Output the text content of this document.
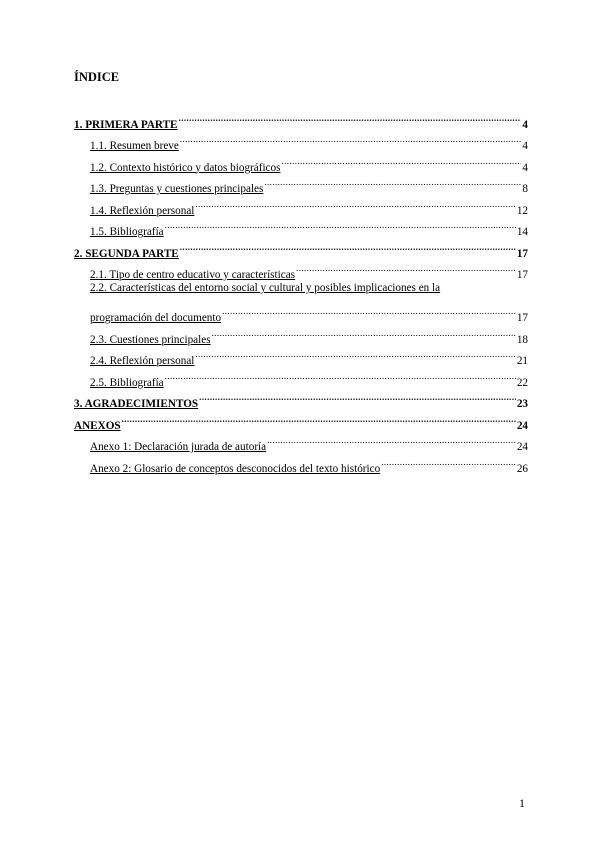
ÍNDICE
1. PRIMERA PARTE .....	4
1.1. Resumen breve .....	4
1.2. Contexto histórico y datos biográficos .....	4
1.3. Preguntas y cuestiones principales .....	8
1.4. Reflexión personal .....	12
1.5. Bibliografía .....	14
2. SEGUNDA PARTE .....	17
2.1. Tipo de centro educativo y características .....	17
2.2. Características del entorno social y cultural y posibles implicaciones en la
programación del documento .....	17
2.3. Cuestiones principales .....	18
2.4. Reflexión personal .....	21
2.5. Bibliografía .....	22
3. AGRADECIMIENTOS .....	23
ANEXOS .....	24
Anexo 1: Declaración jurada de autoría .....	24
Anexo 2: Glosario de conceptos desconocidos del texto histórico .....	26
1
